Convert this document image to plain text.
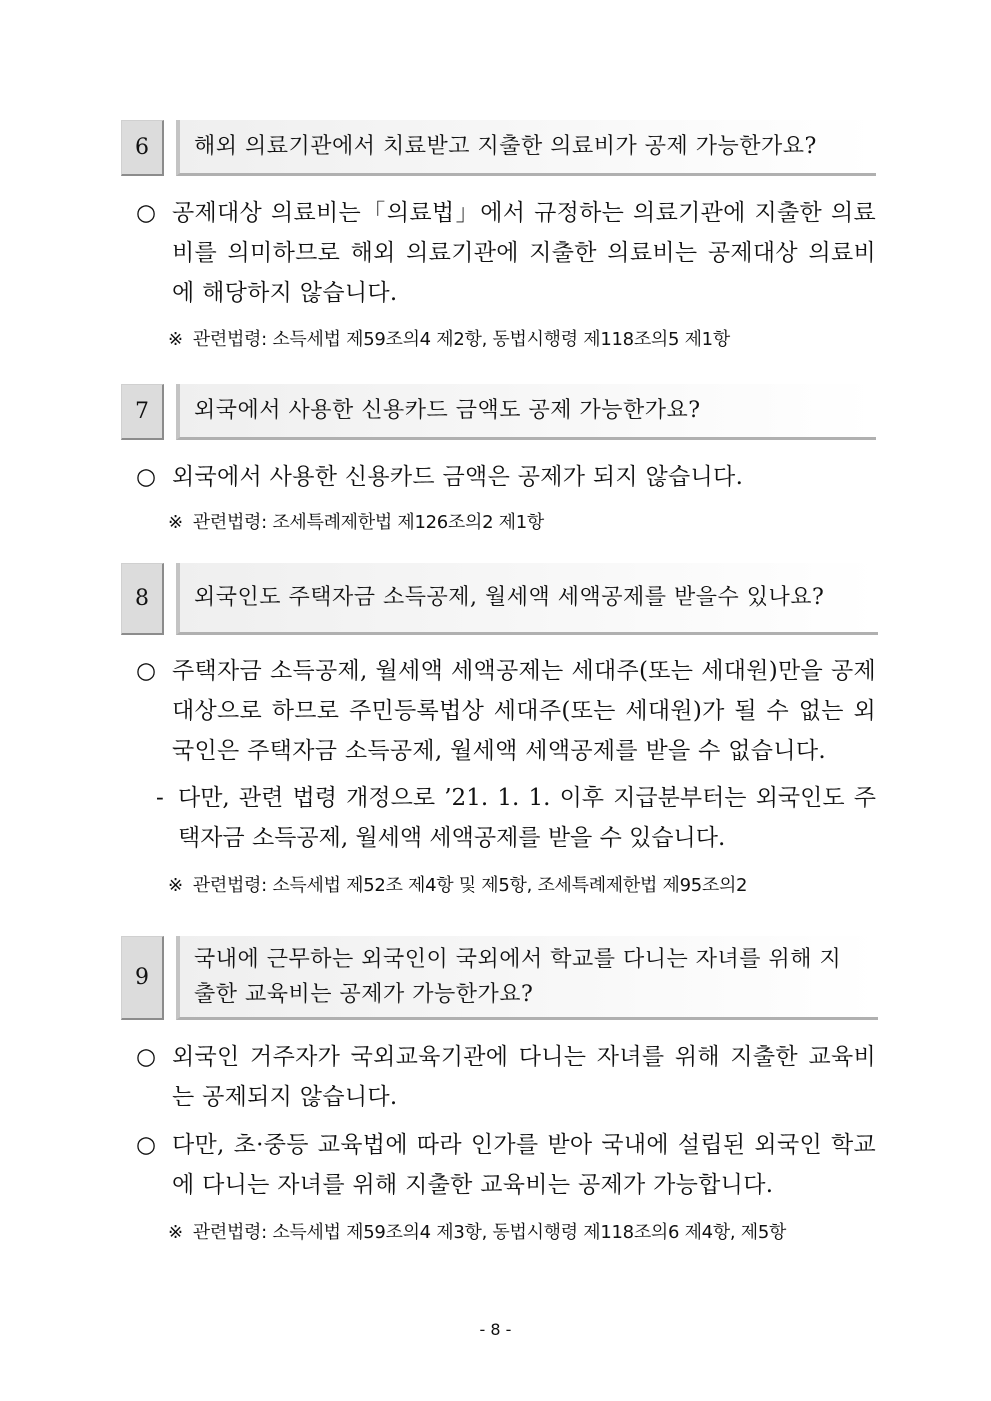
6	해외 의료기관에서 치료받고 지출한 의료비가 공제 가능한가요?
○ 공제대상 의료비는「의료법」에서 규정하는 의료기관에 지출한 의료비를 의미하므로 해외 의료기관에 지출한 의료비는 공제대상 의료비에 해당하지 않습니다.
※ 관련법령: 소득세법 제59조의4 제2항, 동법시행령 제118조의5 제1항
7	외국에서 사용한 신용카드 금액도 공제 가능한가요?
○ 외국에서 사용한 신용카드 금액은 공제가 되지 않습니다.
※ 관련법령: 조세특례제한법 제126조의2 제1항
8	외국인도 주택자금 소득공제, 월세액 세액공제를 받을수 있나요?
○ 주택자금 소득공제, 월세액 세액공제는 세대주(또는 세대원)만을 공제대상으로 하므로 주민등록법상 세대주(또는 세대원)가 될 수 없는 외국인은 주택자금 소득공제, 월세액 세액공제를 받을 수 없습니다.
- 다만, 관련 법령 개정으로 ’21. 1. 1. 이후 지급분부터는 외국인도 주택자금 소득공제, 월세액 세액공제를 받을 수 있습니다.
※ 관련법령: 소득세법 제52조 제4항 및 제5항, 조세특례제한법 제95조의2
9
국내에 근무하는 외국인이 국외에서 학교를 다니는 자녀를 위해 지출한 교육비는 공제가 가능한가요?
○ 외국인 거주자가 국외교육기관에 다니는 자녀를 위해 지출한 교육비는 공제되지 않습니다.
○ 다만, 초·중등 교육법에 따라 인가를 받아 국내에 설립된 외국인 학교에 다니는 자녀를 위해 지출한 교육비는 공제가 가능합니다.
※ 관련법령: 소득세법 제59조의4 제3항, 동법시행령 제118조의6 제4항, 제5항
- 8 -
